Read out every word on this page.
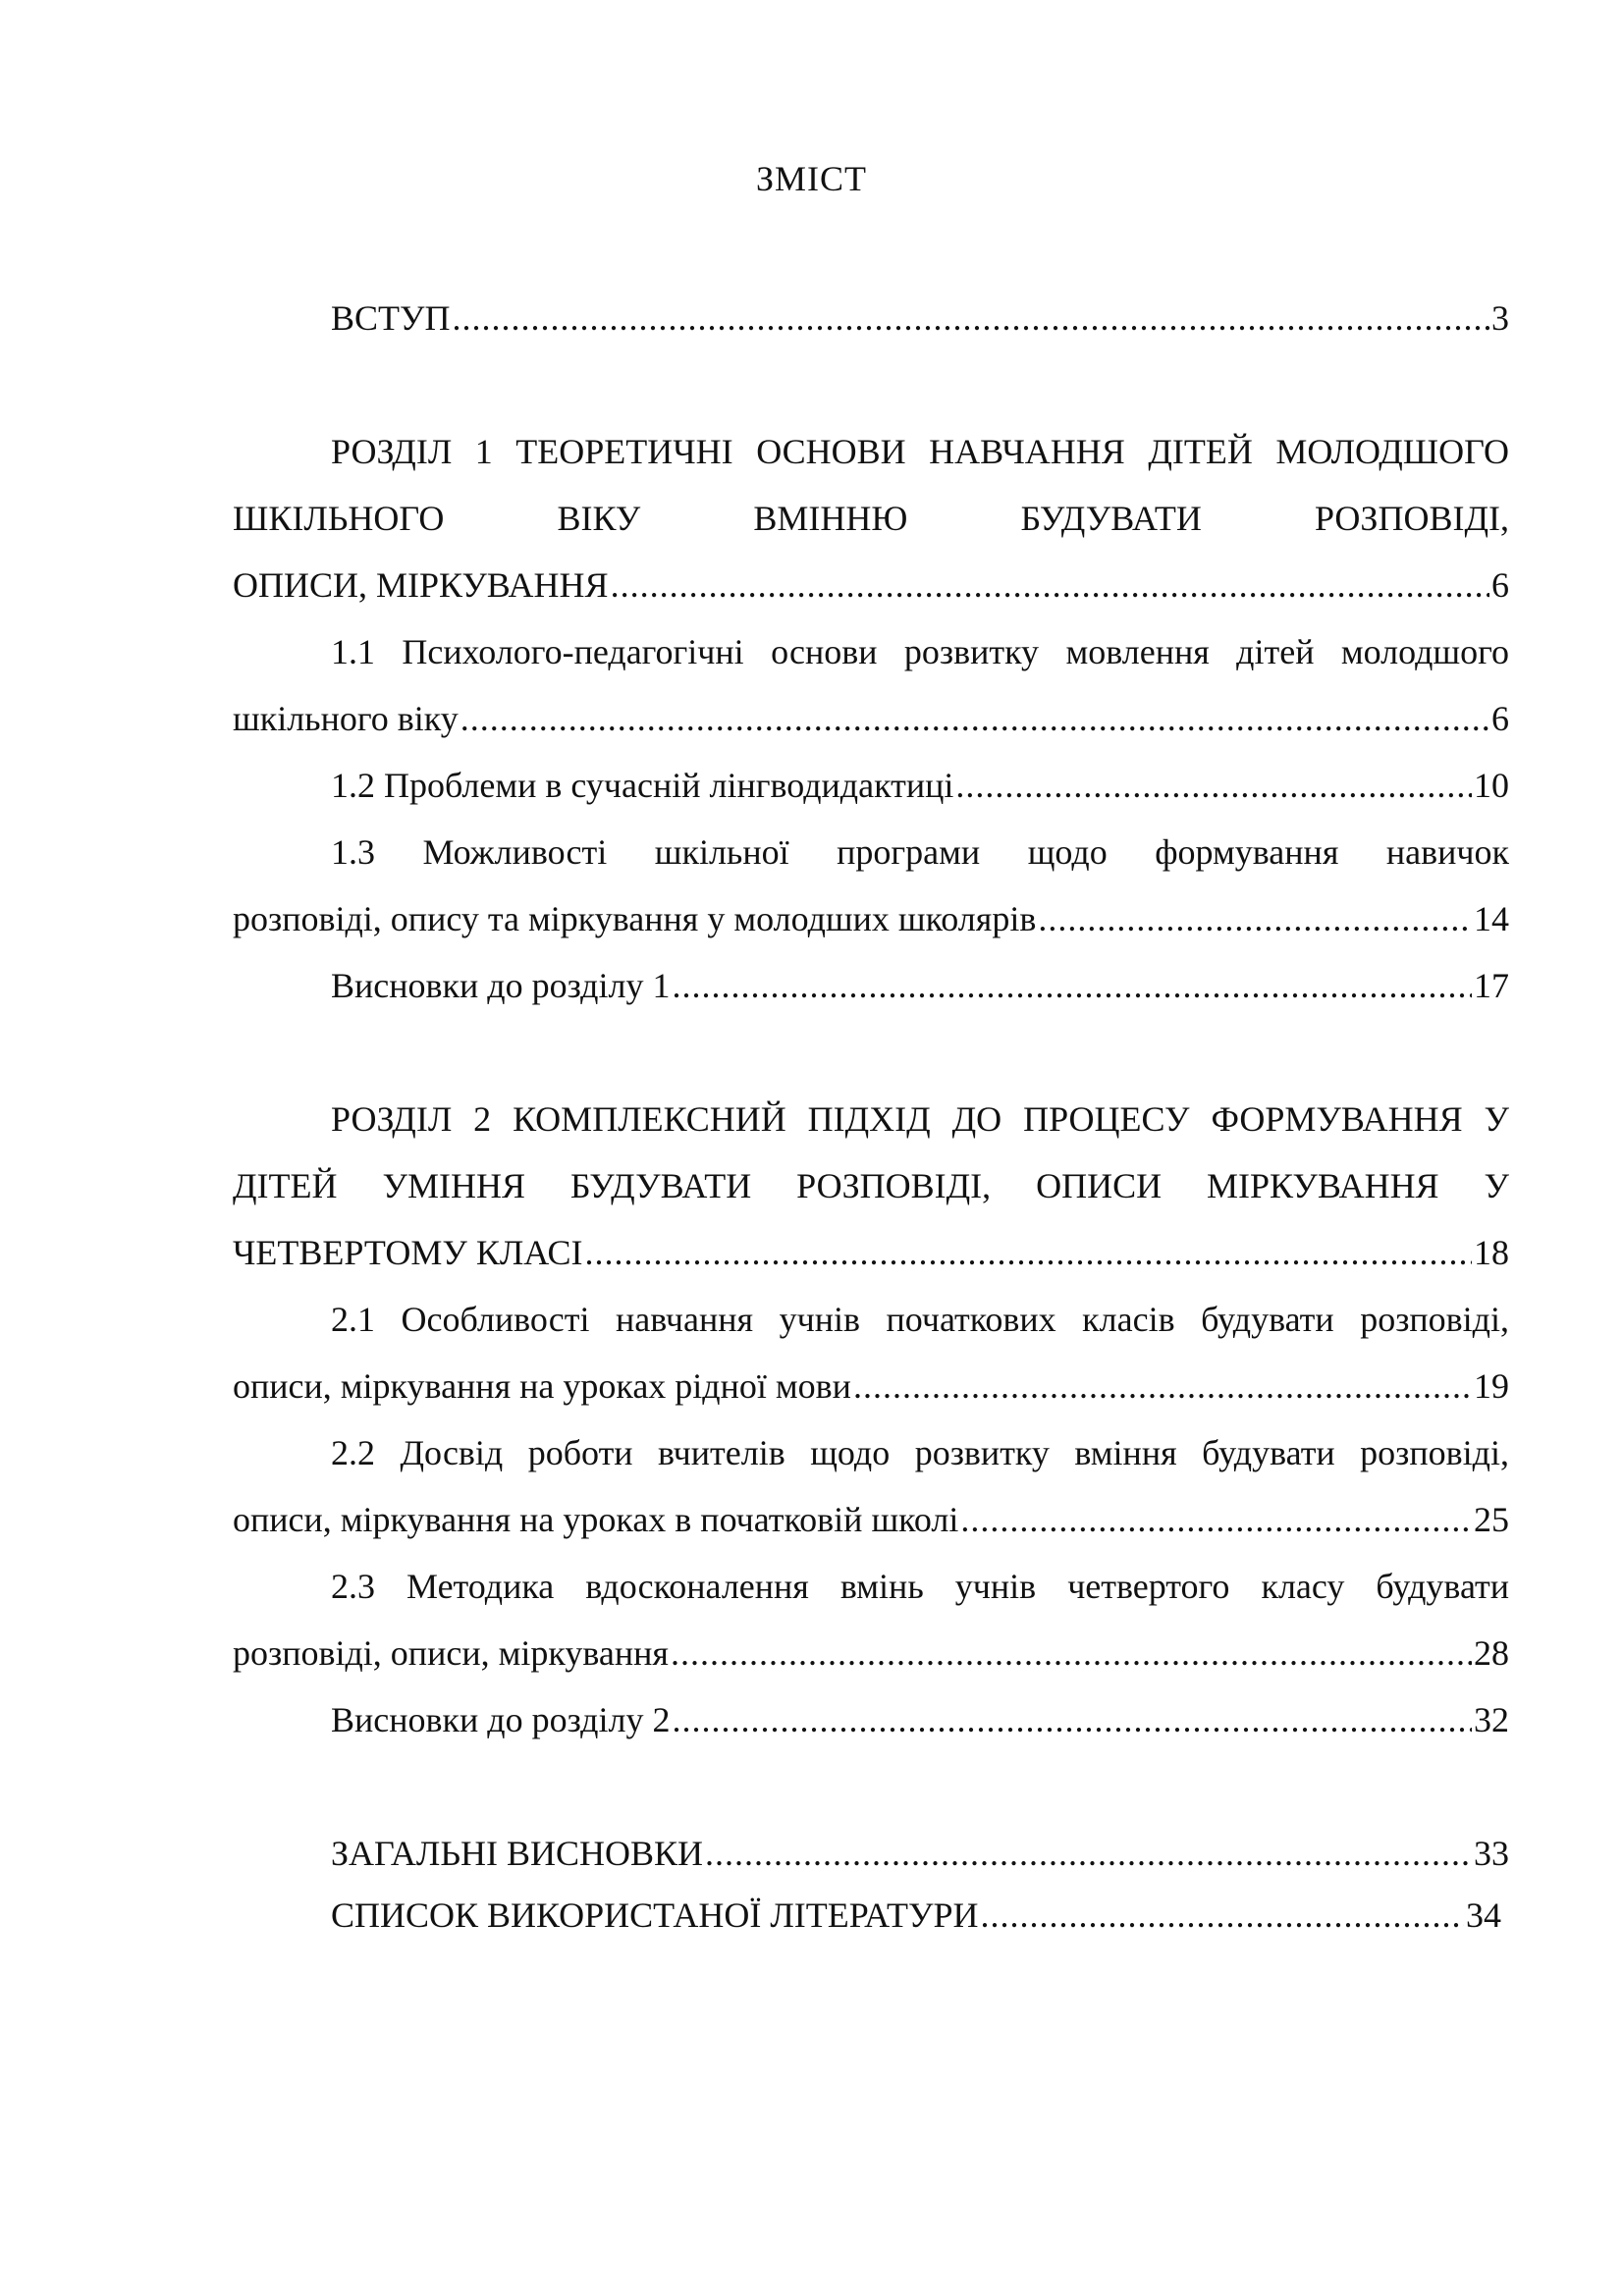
ЗМІСТ
ВСТУП .....	3
РОЗДІЛ 1 ТЕОРЕТИЧНІ ОСНОВИ НАВЧАННЯ ДІТЕЙ МОЛОДШОГО ШКІЛЬНОГО ВІКУ ВМІННЮ БУДУВАТИ РОЗПОВІДІ,
ОПИСИ, МІРКУВАННЯ .....	6
1.1 Психолого-педагогічні основи розвитку мовлення дітей молодшого
шкільного віку .....	6
1.2 Проблеми в сучасній лінгводидактиці .....	10
1.3 Можливості шкільної програми щодо формування навичок
розповіді, опису та міркування у молодших школярів .....	14
Висновки до розділу 1 .....	17
РОЗДІЛ 2 КОМПЛЕКСНИЙ ПІДХІД ДО ПРОЦЕСУ ФОРМУВАННЯ У ДІТЕЙ УМІННЯ БУДУВАТИ РОЗПОВІДІ, ОПИСИ МІРКУВАННЯ У
ЧЕТВЕРТОМУ КЛАСІ .....	18
2.1 Особливості навчання учнів початкових класів будувати розповіді,
описи, міркування на уроках рідної мови .....	19
2.2 Досвід роботи вчителів щодо розвитку вміння будувати розповіді,
описи, міркування на уроках в початковій школі .....	25
2.3 Методика вдосконалення вмінь учнів четвертого класу будувати
розповіді, описи, міркування .....	28
Висновки до розділу 2 .....	32
ЗАГАЛЬНІ ВИСНОВКИ .....	33
СПИСОК ВИКОРИСТАНОЇ ЛІТЕРАТУРИ .....	34
